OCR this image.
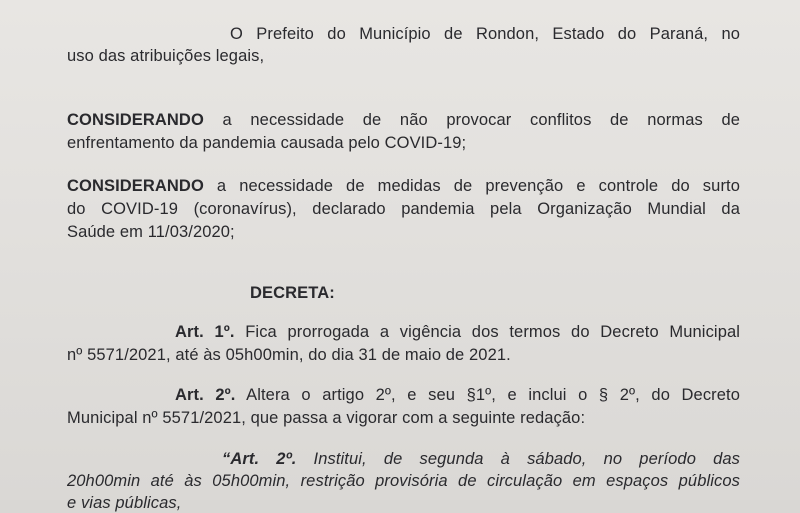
O Prefeito do Município de Rondon, Estado do Paraná, no
uso das atribuições legais,
CONSIDERANDO a necessidade de não provocar conflitos de normas de
enfrentamento da pandemia causada pelo COVID-19;
CONSIDERANDO a necessidade de medidas de prevenção e controle do surto
do COVID-19 (coronavírus), declarado pandemia pela Organização Mundial da
Saúde em 11/03/2020;
DECRETA:
Art. 1º. Fica prorrogada a vigência dos termos do Decreto Municipal
nº 5571/2021, até às 05h00min, do dia 31 de maio de 2021.
Art. 2º. Altera o artigo 2º, e seu §1º, e inclui o § 2º, do Decreto
Municipal nº 5571/2021, que passa a vigorar com a seguinte redação:
“Art. 2º. Institui, de segunda à sábado, no período das
20h00min até às 05h00min, restrição provisória de circulação em espaços públicos
e vias públicas,
